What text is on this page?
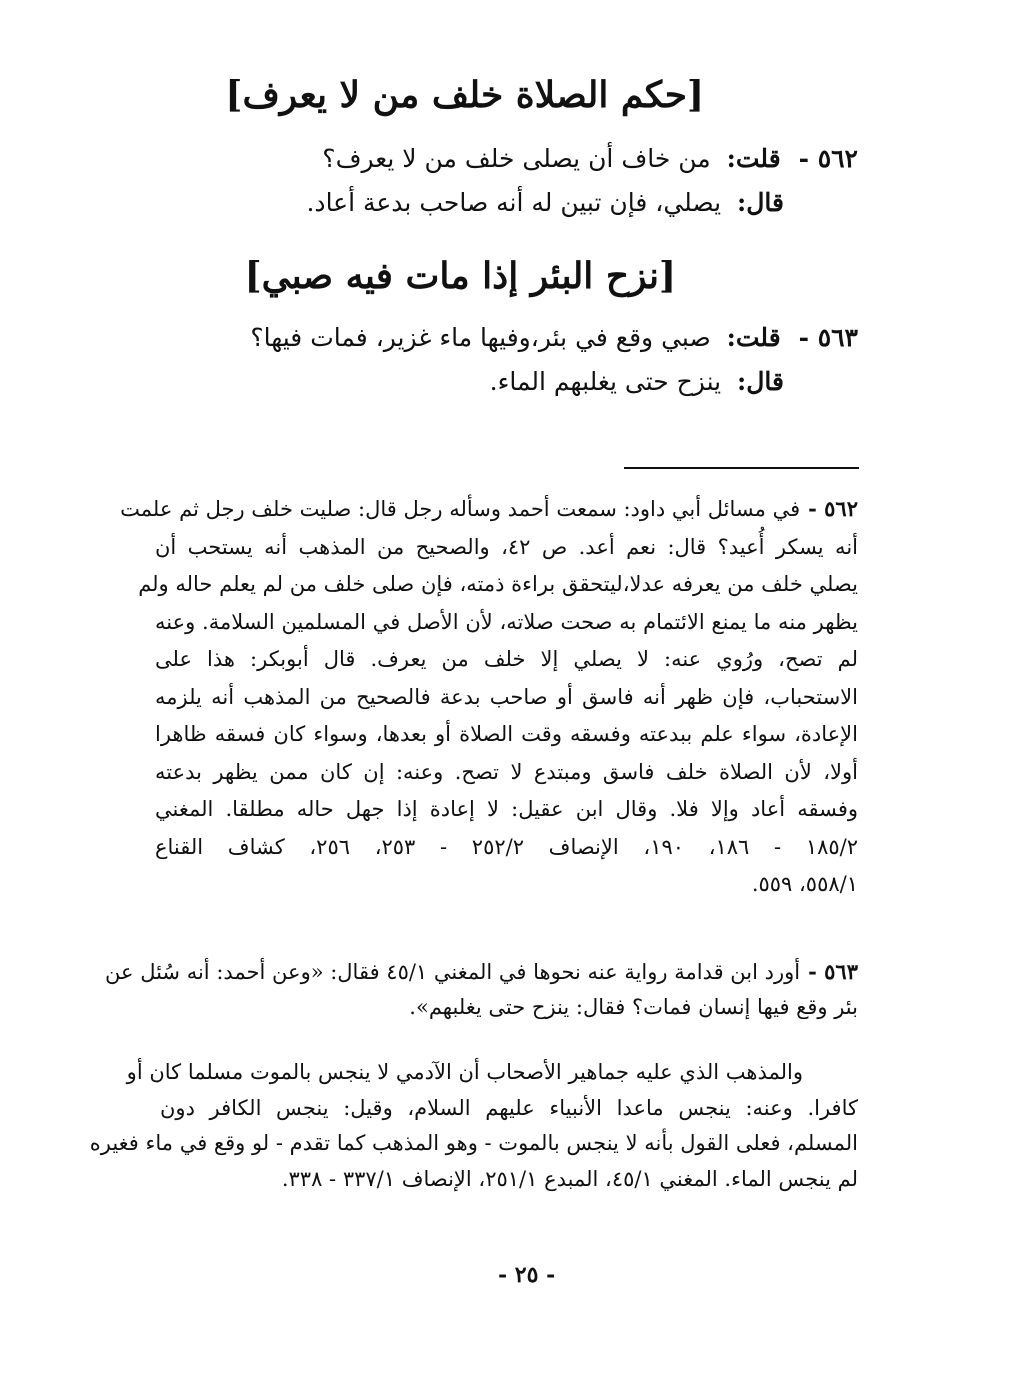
[حكم الصلاة خلف من لا يعرف]
٥٦٢ - قلت: من خاف أن يصلى خلف من لا يعرف؟
قال: يصلي، فإن تبين له أنه صاحب بدعة أعاد.
[نزح البئر إذا مات فيه صبي]
٥٦٣ - قلت: صبي وقع في بئر،وفيها ماء غزير، فمات فيها؟
قال: ينزح حتى يغلبهم الماء.
٥٦٢ -في مسائل أبي داود: سمعت أحمد وسأله رجل قال: صليت خلف رجل ثم علمت
أنه يسكر أُعيد؟ قال: نعم أعد. ص ٤٢، والصحيح من المذهب أنه يستحب أن
يصلي خلف من يعرفه عدلا،ليتحقق براءة ذمته، فإن صلى خلف من لم يعلم حاله ولم
يظهر منه ما يمنع الائتمام به صحت صلاته، لأن الأصل في المسلمين السلامة. وعنه
لم تصح، ورُوي عنه: لا يصلي إلا خلف من يعرف. قال أبوبكر: هذا على
الاستحباب، فإن ظهر أنه فاسق أو صاحب بدعة فالصحيح من المذهب أنه يلزمه
الإعادة، سواء علم ببدعته وفسقه وقت الصلاة أو بعدها، وسواء كان فسقه ظاهرا
أولا، لأن الصلاة خلف فاسق ومبتدع لا تصح. وعنه: إن كان ممن يظهر بدعته
وفسقه أعاد وإلا فلا. وقال ابن عقيل: لا إعادة إذا جهل حاله مطلقا. المغني
١٨٥/٢ - ١٨٦، ١٩٠، الإنصاف ٢٥٢/٢ - ٢٥٣، ٢٥٦، كشاف القناع
٥٥٨/١، ٥٥٩.
٥٦٣ -أورد ابن قدامة رواية عنه نحوها في المغني ٤٥/١ فقال: «وعن أحمد: أنه سُئل عن
بئر وقع فيها إنسان فمات؟ فقال: ينزح حتى يغلبهم».
والمذهب الذي عليه جماهير الأصحاب أن الآدمي لا ينجس بالموت مسلما كان أو
كافرا. وعنه: ينجس ماعدا الأنبياء عليهم السلام، وقيل: ينجس الكافر دون
المسلم، فعلى القول بأنه لا ينجس بالموت - وهو المذهب كما تقدم - لو وقع في ماء فغيره
لم ينجس الماء. المغني ٤٥/١، المبدع ٢٥١/١، الإنصاف ٣٣٧/١ - ٣٣٨.
- ٢٥ -
